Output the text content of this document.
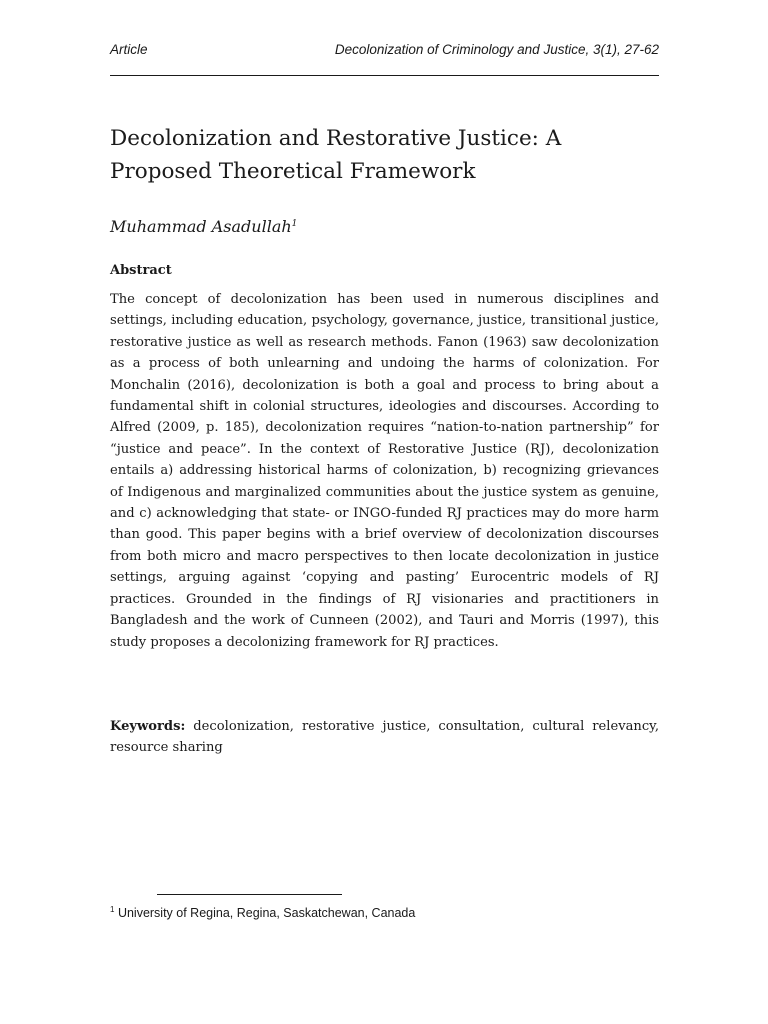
Article	Decolonization of Criminology and Justice, 3(1), 27-62
Decolonization and Restorative Justice: A
Proposed Theoretical Framework
Muhammad Asadullah$^1$
Abstract

The concept of decolonization has been used in numerous disciplines and settings, including education, psychology, governance, justice, transitional justice, restorative justice as well as research methods. Fanon (1963) saw decolonization as a process of both unlearning and undoing the harms of colonization. For Monchalin (2016), decolonization is both a goal and process to bring about a fundamental shift in colonial structures, ideologies and discourses. According to Alfred (2009, p. 185), decolonization requires “nation-to-nation partnership” for “justice and peace”. In the context of Restorative Justice (RJ), decolonization entails a) addressing historical harms of colonization, b) recognizing grievances of Indigenous and marginalized communities about the justice system as genuine, and c) acknowledging that state- or INGO-funded RJ practices may do more harm than good. This paper begins with a brief overview of decolonization discourses from both micro and macro perspectives to then locate decolonization in justice settings, arguing against ‘copying and pasting’ Eurocentric models of RJ practices. Grounded in the findings of RJ visionaries and practitioners in Bangladesh and the work of Cunneen (2002), and Tauri and Morris (1997), this study proposes a decolonizing framework for RJ practices.

Keywords: decolonization, restorative justice, consultation, cultural relevancy, resource sharing

$^1$ University of Regina, Regina, Saskatchewan, Canada
